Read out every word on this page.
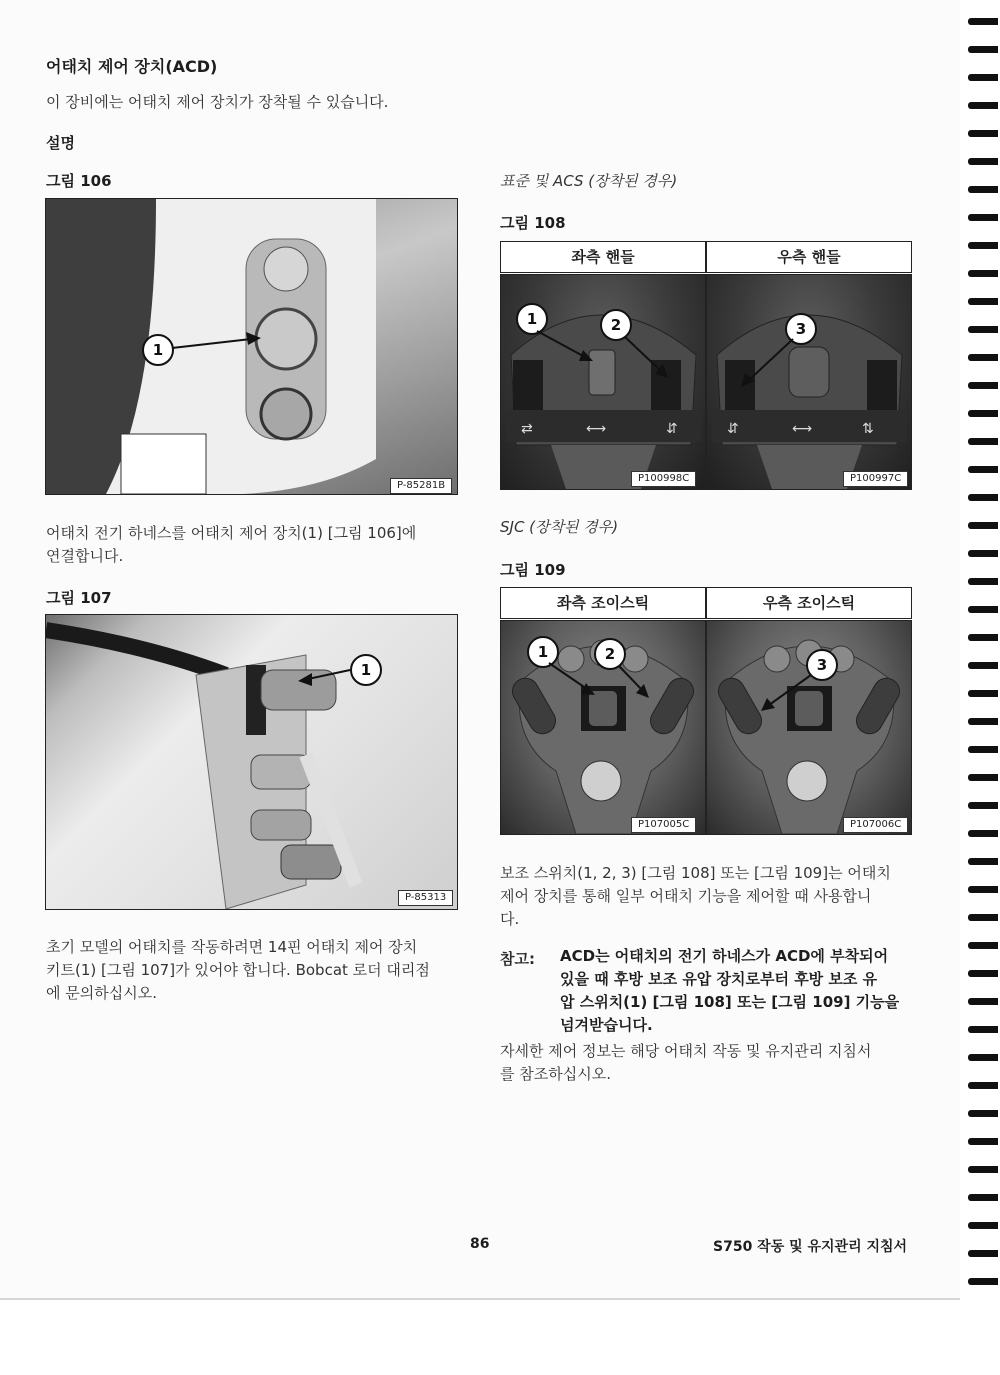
어태치 제어 장치(ACD)
이 장비에는 어태치 제어 장치가 장착될 수 있습니다.
설명
그림 106
1
P-85281B
어태치 전기 하네스를 어태치 제어 장치(1) [그림 106]에
연결합니다.
그림 107
1
P-85313
초기 모델의 어태치를 작동하려면 14핀 어태치 제어 장치
키트(1) [그림 107]가 있어야 합니다. Bobcat 로더 대리점
에 문의하십시오.
표준 및 ACS (장착된 경우)
그림 108
좌측 핸들	우측 핸들
⇄	⟷	⇵
1	2
P100998C
⇵	⟷	⇅
3
P100997C
SJC (장착된 경우)
그림 109
좌측 조이스틱	우측 조이스틱
1	2
P107005C
3
P107006C
보조 스위치(1, 2, 3) [그림 108] 또는 [그림 109]는 어태치
제어 장치를 통해 일부 어태치 기능을 제어할 때 사용합니
다.
참고: ACD는 어태치의 전기 하네스가 ACD에 부착되어
있을 때 후방 보조 유압 장치로부터 후방 보조 유
압 스위치(1) [그림 108] 또는 [그림 109] 기능을
넘겨받습니다.
자세한 제어 정보는 해당 어태치 작동 및 유지관리 지침서
를 참조하십시오.
86	S750 작동 및 유지관리 지침서
